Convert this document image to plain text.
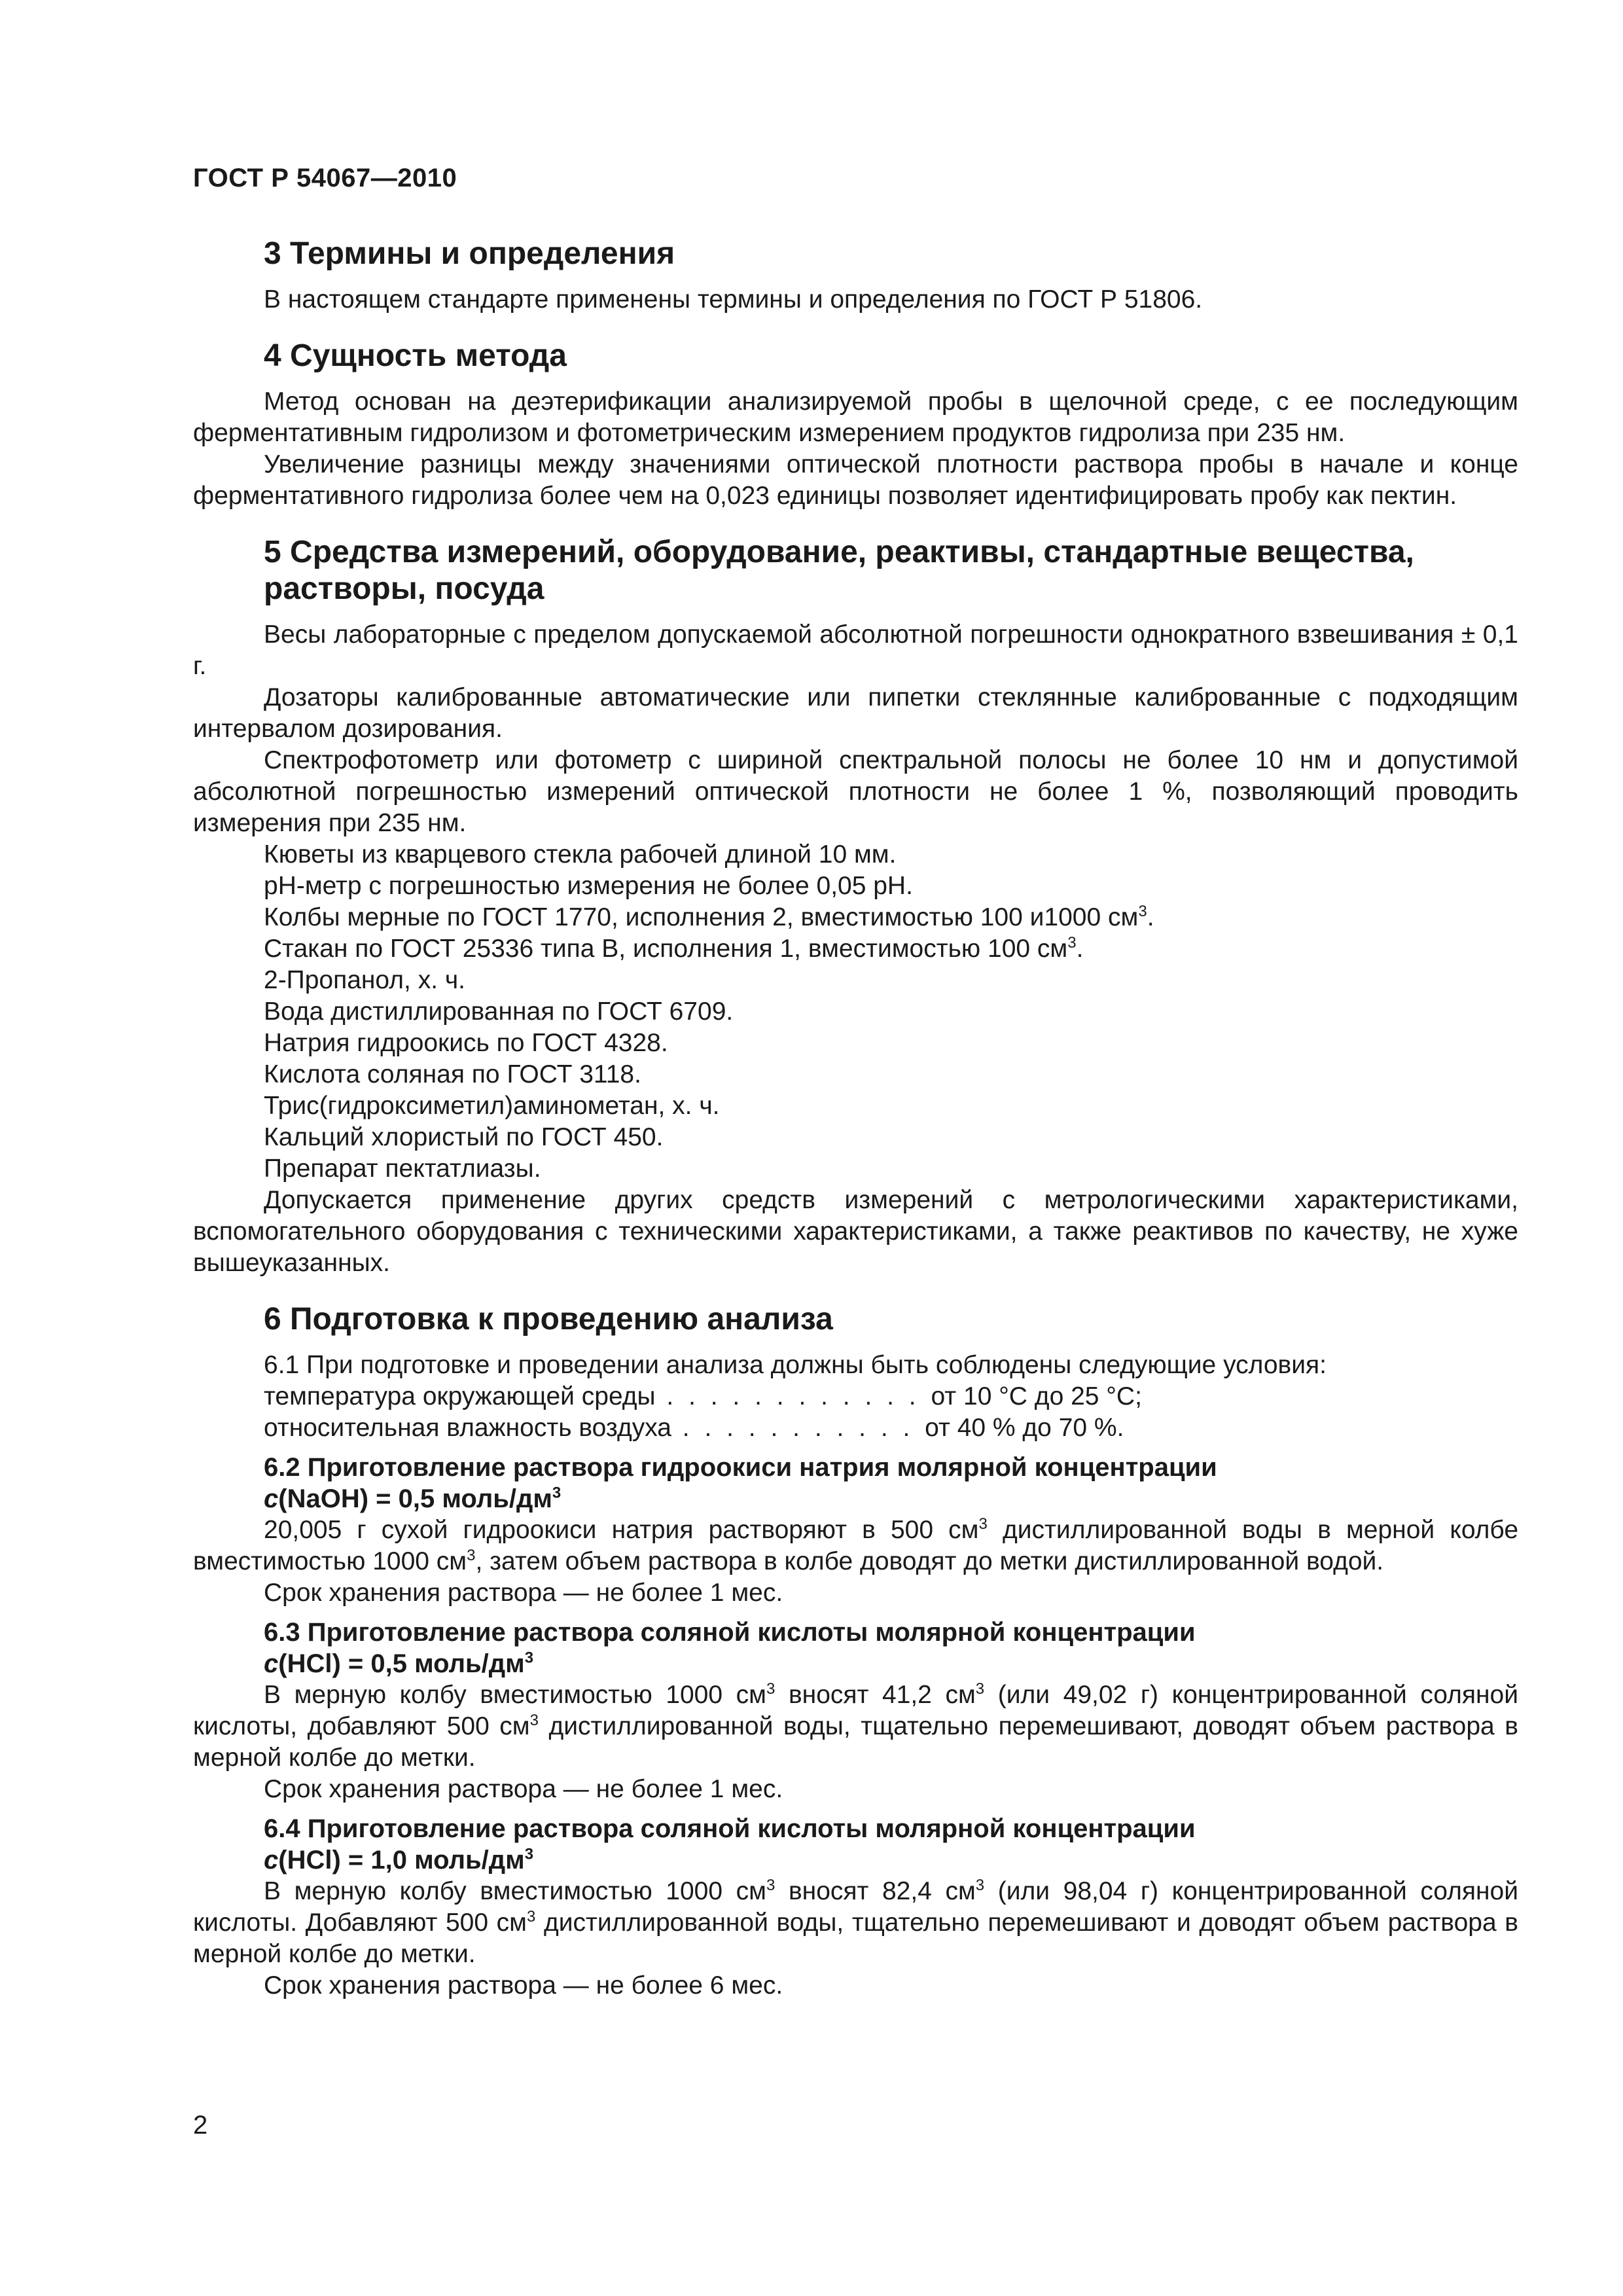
ГОСТ Р 54067—2010
3 Термины и определения

В настоящем стандарте применены термины и определения по ГОСТ Р 51806.

4 Сущность метода

Метод основан на деэтерификации анализируемой пробы в щелочной среде, с ее последующим ферментативным гидролизом и фотометрическим измерением продуктов гидролиза при 235 нм.

Увеличение разницы между значениями оптической плотности раствора пробы в начале и конце ферментативного гидролиза более чем на 0,023 единицы позволяет идентифицировать пробу как пектин.

5 Средства измерений, оборудование, реактивы, стандартные вещества, растворы, посуда

Весы лабораторные с пределом допускаемой абсолютной погрешности однократного взвешивания ± 0,1 г.

Дозаторы калиброванные автоматические или пипетки стеклянные калиброванные с подходящим интервалом дозирования.

Спектрофотометр или фотометр с шириной спектральной полосы не более 10 нм и допустимой абсолютной погрешностью измерений оптической плотности не более 1 %, позволяющий проводить измерения при 235 нм.

Кюветы из кварцевого стекла рабочей длиной 10 мм.

pH-метр с погрешностью измерения не более 0,05 pH.

Колбы мерные по ГОСТ 1770, исполнения 2, вместимостью 100 и1000 $см^3$.

Стакан по ГОСТ 25336 типа В, исполнения 1, вместимостью 100 $см^3$.

2-Пропанол, х. ч.

Вода дистиллированная по ГОСТ 6709.

Натрия гидроокись по ГОСТ 4328.

Кислота соляная по ГОСТ 3118.

Трис(гидроксиметил)аминометан, х. ч.

Кальций хлористый по ГОСТ 450.

Препарат пектатлиазы.

Допускается применение других средств измерений с метрологическими характеристиками, вспомогательного оборудования с техническими характеристиками, а также реактивов по качеству, не хуже вышеуказанных.

6 Подготовка к проведению анализа

6.1 При подготовке и проведении анализа должны быть соблюдены следующие условия:

температура окружающей среды . . . . . . . . . . . . от 10 °С до 25 °С;
относительная влажность воздуха . . . . . . . . . . . от 40 % до 70 %.
6.2 Приготовление раствора гидроокиси натрия молярной концентрации
c(NaOH) = 0,5 моль/$дм^3$

20,005 г сухой гидроокиси натрия растворяют в 500 $см^3$ дистиллированной воды в мерной колбе вместимостью 1000 $см^3$, затем объем раствора в колбе доводят до метки дистиллированной водой.

Срок хранения раствора — не более 1 мес.

6.3 Приготовление раствора соляной кислоты молярной концентрации
c(HCl) = 0,5 моль/$дм^3$

В мерную колбу вместимостью 1000 $см^3$ вносят 41,2 $см^3$ (или 49,02 г) концентрированной соляной кислоты, добавляют 500 $см^3$ дистиллированной воды, тщательно перемешивают, доводят объем раствора в мерной колбе до метки.

Срок хранения раствора — не более 1 мес.

6.4 Приготовление раствора соляной кислоты молярной концентрации
c(HCl) = 1,0 моль/$дм^3$

В мерную колбу вместимостью 1000 $см^3$ вносят 82,4 $см^3$ (или 98,04 г) концентрированной соляной кислоты. Добавляют 500 $см^3$ дистиллированной воды, тщательно перемешивают и доводят объем раствора в мерной колбе до метки.

Срок хранения раствора — не более 6 мес.

2
